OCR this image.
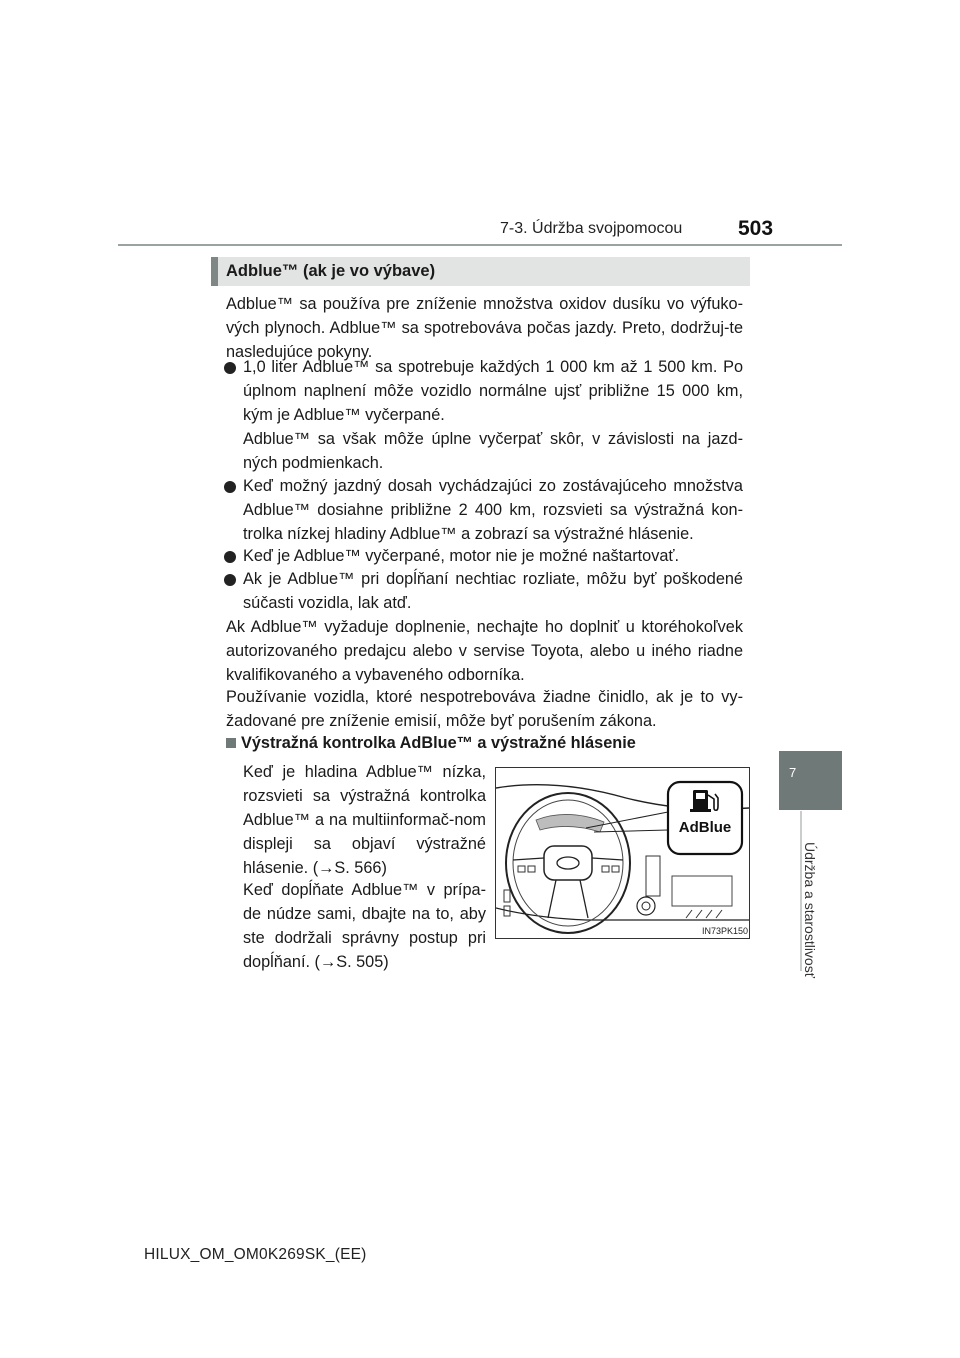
7-3. Údržba svojpomocou	503
7
Údržba a starostlivosť
Adblue™ (ak je vo výbave)
Adblue™ sa používa pre zníženie množstva oxidov dusíku vo výfuko-vých plynoch. Adblue™ sa spotrebováva počas jazdy. Preto, dodržuj-te nasledujúce pokyny.
1,0 liter Adblue™ sa spotrebuje každých 1 000 km až 1 500 km. Po úplnom naplnení môže vozidlo normálne ujsť približne 15 000 km, kým je Adblue™ vyčerpané.
Adblue™ sa však môže úplne vyčerpať skôr, v závislosti na jazd-ných podmienkach.
Keď možný jazdný dosah vychádzajúci zo zostávajúceho množstva Adblue™ dosiahne približne 2 400 km, rozsvieti sa výstražná kon-trolka nízkej hladiny Adblue™ a zobrazí sa výstražné hlásenie.
Keď je Adblue™ vyčerpané, motor nie je možné naštartovať.
Ak je Adblue™ pri dopĺňaní nechtiac rozliate, môžu byť poškodené súčasti vozidla, lak atď.
Ak Adblue™ vyžaduje doplnenie, nechajte ho doplniť u ktoréhokoľvek autorizovaného predajcu alebo v servise Toyota, alebo u iného riadne kvalifikovaného a vybaveného odborníka.
Používanie vozidla, ktoré nespotrebováva žiadne činidlo, ak je to vy-žadované pre zníženie emisií, môže byť porušením zákona.
Výstražná kontrolka AdBlue™ a výstražné hlásenie
Keď je hladina Adblue™ nízka, rozsvieti sa výstražná kontrolka Adblue™ a na multiinformač-nom displeji sa objaví výstražné hlásenie. (→S. 566)
Keď dopĺňate Adblue™ v prípa-de núdze sami, dbajte na to, aby ste dodržali správny postup pri dopĺňaní. (→S. 505)
AdBlue
IN73PK150
HILUX_OM_OM0K269SK_(EE)
